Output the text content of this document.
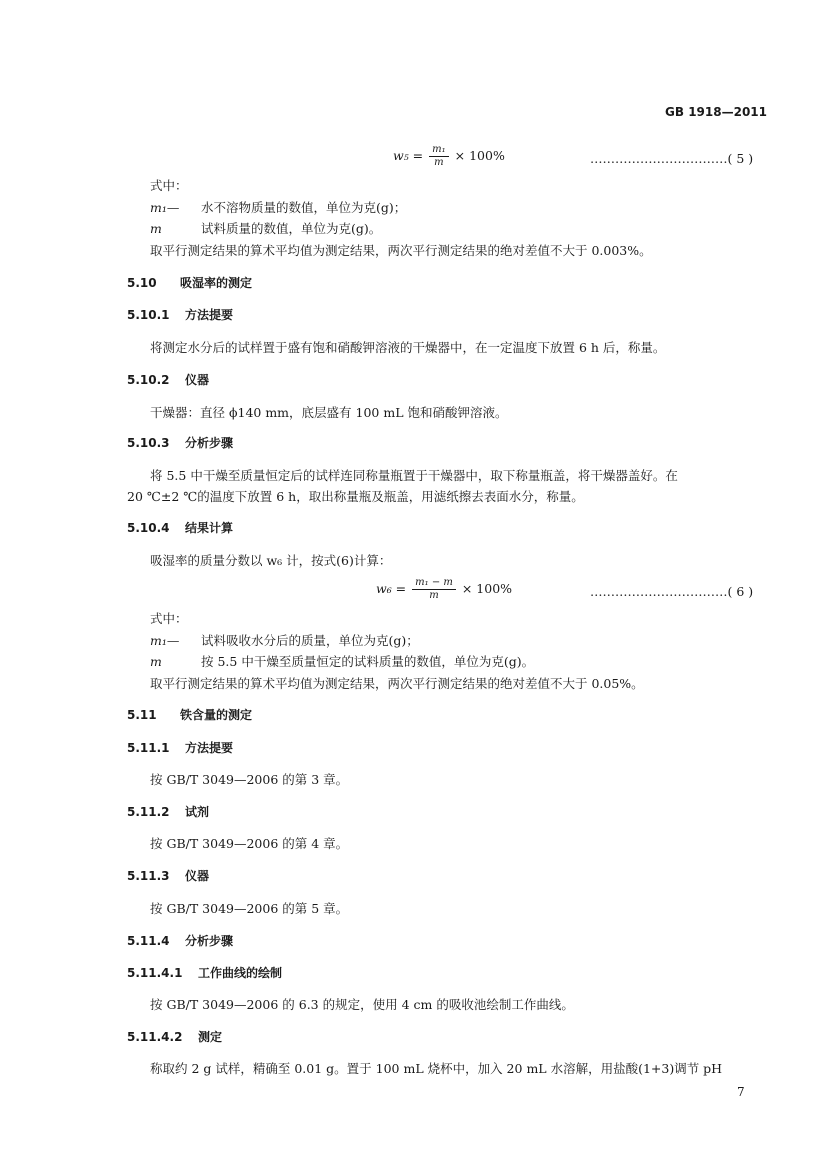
GB 1918—2011
$w_5 = \frac{\text{m₁}}{m} \times 100\%$	……………………………( 5 )
式中：
m₁— 水不溶物质量的数值，单位为克(g)；
m	试料质量的数值，单位为克(g)。
取平行测定结果的算术平均值为测定结果，两次平行测定结果的绝对差值不大于 0.003%。
5.10 吸湿率的测定
5.10.1 方法提要
将测定水分后的试样置于盛有饱和硝酸钾溶液的干燥器中，在一定温度下放置 6 h 后，称量。
5.10.2 仪器
干燥器：直径 ϕ140 mm，底层盛有 100 mL 饱和硝酸钾溶液。
5.10.3 分析步骤
将 5.5 中干燥至质量恒定后的试样连同称量瓶置于干燥器中，取下称量瓶盖，将干燥器盖好。在
20 ℃±2 ℃的温度下放置 6 h，取出称量瓶及瓶盖，用滤纸擦去表面水分，称量。
5.10.4 结果计算
吸湿率的质量分数以 w₆ 计，按式(6)计算：
$w_6 = \frac{\text{m₁ − m}}{m} \times 100\%$	……………………………( 6 )
式中：
m₁— 试料吸收水分后的质量，单位为克(g)；
m	按 5.5 中干燥至质量恒定的试料质量的数值，单位为克(g)。
取平行测定结果的算术平均值为测定结果，两次平行测定结果的绝对差值不大于 0.05%。
5.11 铁含量的测定
5.11.1 方法提要
按 GB/T 3049—2006 的第 3 章。
5.11.2 试剂
按 GB/T 3049—2006 的第 4 章。
5.11.3 仪器
按 GB/T 3049—2006 的第 5 章。
5.11.4 分析步骤
5.11.4.1 工作曲线的绘制
按 GB/T 3049—2006 的 6.3 的规定，使用 4 cm 的吸收池绘制工作曲线。
5.11.4.2 测定
称取约 2 g 试样，精确至 0.01 g。置于 100 mL 烧杯中，加入 20 mL 水溶解，用盐酸(1+3)调节 pH
7
